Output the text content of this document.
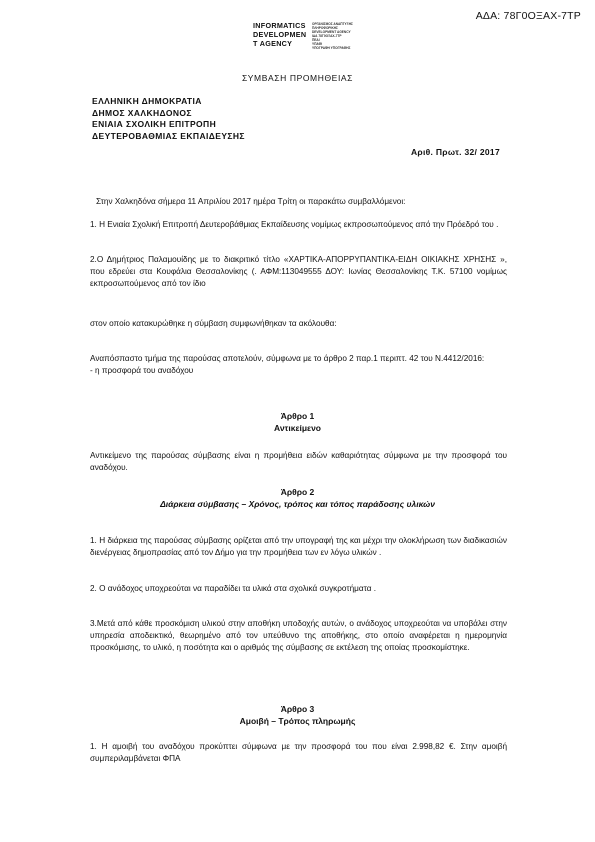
ΑΔΑ: 78Γ0ΟΞΑΧ-7ΤΡ
INFORMATICS
DEVELOPMEN
T AGENCY
ΟΡΓΑΝΙΣΜΟΣ ΑΝΑΠΤΥΞΗΣ
ΠΛΗΡΟΦΟΡΙΚΗΣ
DEVELOPMENT AGENCY
ΙΔΑ 78Γ0ΟΞΑΧ-7ΤΡ
ΠΕΑΙ
ΥΠΑΦΙ
ΥΠΟΓΡΑΦΗ ΥΠΟΓΡΑΦΗΣ
ΣΥΜΒΑΣΗ ΠΡΟΜΗΘΕΙΑΣ
ΕΛΛΗΝΙΚΗ ΔΗΜΟΚΡΑΤΙΑ
ΔΗΜΟΣ ΧΑΛΚΗΔΟΝΟΣ
ΕΝΙΑΙΑ ΣΧΟΛΙΚΗ ΕΠΙΤΡΟΠΗ
ΔΕΥΤΕΡΟΒΑΘΜΙΑΣ ΕΚΠΑΙΔΕΥΣΗΣ
Αριθ. Πρωτ. 32/ 2017
Στην Χαλκηδόνα σήμερα 11 Απριλίου 2017 ημέρα Τρίτη οι παρακάτω συμβαλλόμενοι:
1. Η Ενιαία Σχολική Επιτροπή Δευτεροβάθμιας Εκπαίδευσης νομίμως εκπροσωπούμενος από την Πρόεδρό του .
2.Ο Δημήτριος Παλαμουίδης με το διακριτικό τίτλο «ΧΑΡΤΙΚΑ-ΑΠΟΡΡΥΠΑΝΤΙΚΑ-ΕΙΔΗ ΟΙΚΙΑΚΗΣ ΧΡΗΣΗΣ », που εδρεύει στα Κουφάλια Θεσσαλονίκης (. ΑΦΜ:113049555 ΔΟΥ: Ιωνίας Θεσσαλονίκης Τ.Κ. 57100 νομίμως εκπροσωπούμενος από τον ίδιο
στον οποίο κατακυρώθηκε η σύμβαση συμφωνήθηκαν τα ακόλουθα:

Αναπόσπαστο τμήμα της παρούσας αποτελούν, σύμφωνα με το άρθρο 2 παρ.1 περιπτ. 42 του Ν.4412/2016:

- η προσφορά του αναδόχου

Άρθρο 1
Αντικείμενο
Αντικείμενο της παρούσας σύμβασης είναι η προμήθεια ειδών καθαριότητας σύμφωνα με την προσφορά του αναδόχου.
Άρθρο 2
Διάρκεια σύμβασης – Χρόνος, τρόπος και τόπος παράδοσης υλικών
1. Η διάρκεια της παρούσας σύμβασης ορίζεται από την υπογραφή της και μέχρι την ολοκλήρωση των διαδικασιών διενέργειας δημοπρασίας από τον Δήμο για την προμήθεια των εν λόγω υλικών .
2. Ο ανάδοχος υποχρεούται να παραδίδει τα υλικά στα σχολικά συγκροτήματα .
3.Μετά από κάθε προσκόμιση υλικού στην αποθήκη υποδοχής αυτών, ο ανάδοχος υποχρεούται να υποβάλει στην υπηρεσία αποδεικτικό, θεωρημένο από τον υπεύθυνο της αποθήκης, στο οποίο αναφέρεται η ημερομηνία προσκόμισης, το υλικό, η ποσότητα και ο αριθμός της σύμβασης σε εκτέλεση της οποίας προσκομίστηκε.
Άρθρο 3
Αμοιβή – Τρόπος πληρωμής
1. Η αμοιβή του αναδόχου προκύπτει σύμφωνα με την προσφορά του που είναι 2.998,82 €. Στην αμοιβή συμπεριλαμβάνεται ΦΠΑ
